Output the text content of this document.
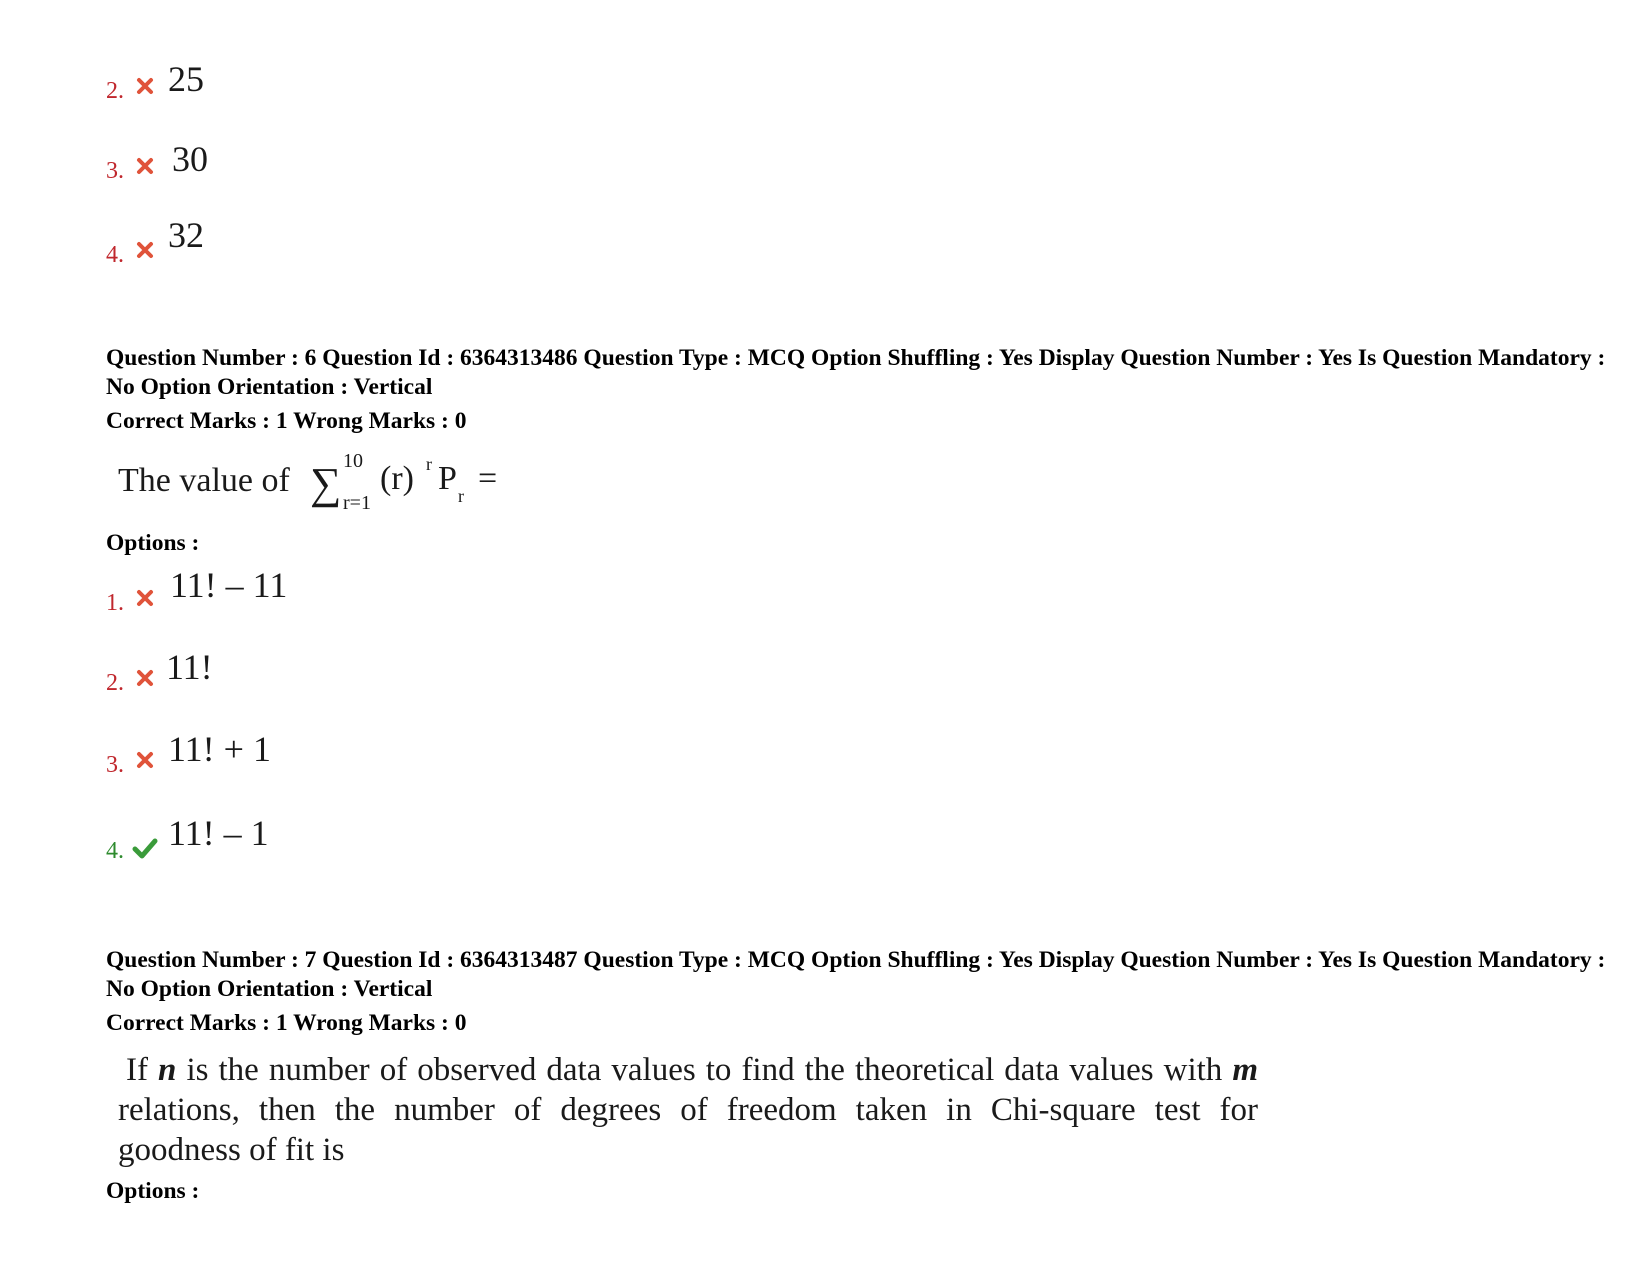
2. 25
3. 30
4. 32
Question Number : 6 Question Id : 6364313486 Question Type : MCQ Option Shuffling : Yes Display Question Number : Yes Is Question Mandatory : No Option Orientation : Vertical
Correct Marks : 1 Wrong Marks : 0
The value of ∑ 10
r=1
(r) r P r =
Options :
1. 11! – 11
2. 11!
3. 11! + 1
4. 11! – 1
Question Number : 7 Question Id : 6364313487 Question Type : MCQ Option Shuffling : Yes Display Question Number : Yes Is Question Mandatory : No Option Orientation : Vertical
Correct Marks : 1 Wrong Marks : 0
If n is the number of observed data values to find the theoretical data values with m relations, then the number of degrees of freedom taken in Chi-square test for goodness of fit is
Options :
